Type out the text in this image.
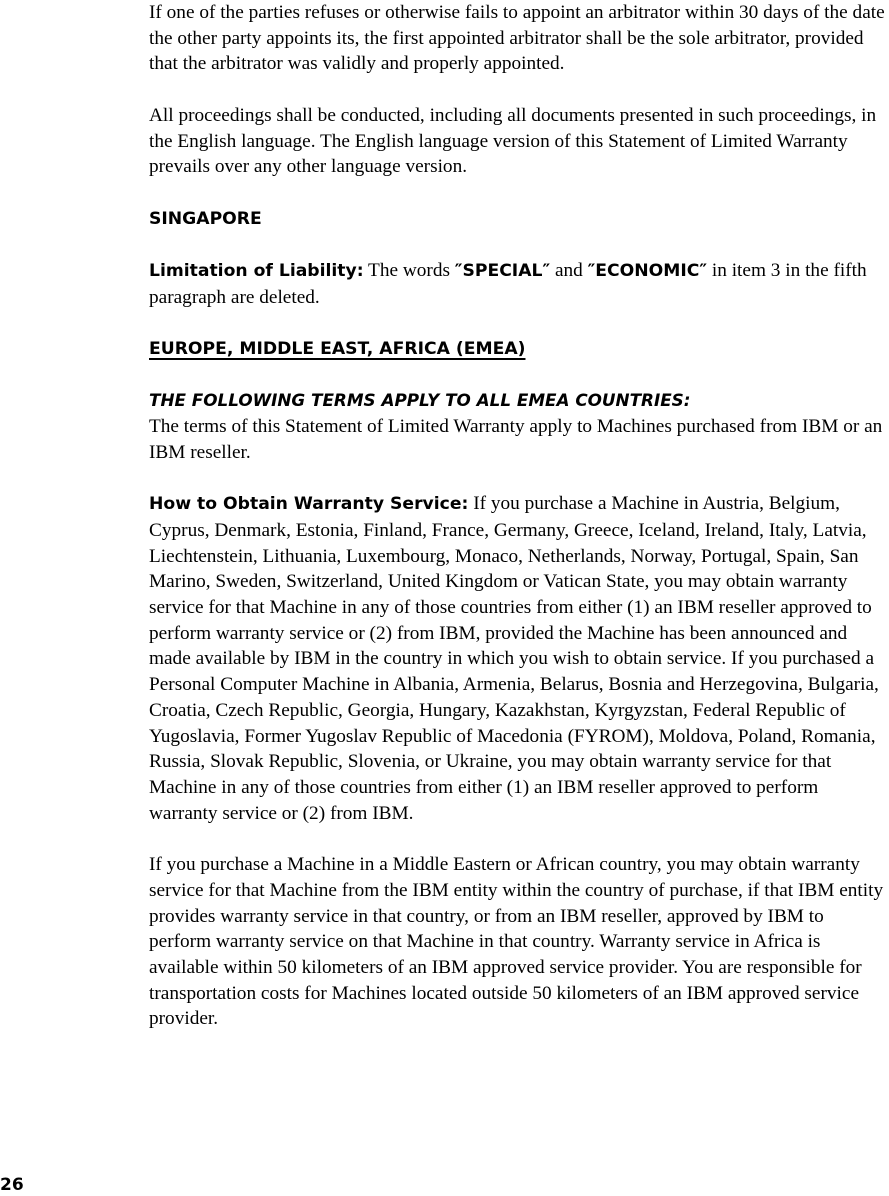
If one of the parties refuses or otherwise fails to appoint an arbitrator within 30 days of the date the other party appoints its, the first appointed arbitrator shall be the sole arbitrator, provided that the arbitrator was validly and properly appointed.

All proceedings shall be conducted, including all documents presented in such proceedings, in the English language. The English language version of this Statement of Limited Warranty prevails over any other language version.

SINGAPORE

Limitation of Liability: The words ″SPECIAL″ and ″ECONOMIC″ in item 3 in the fifth paragraph are deleted.

EUROPE, MIDDLE EAST, AFRICA (EMEA)

THE FOLLOWING TERMS APPLY TO ALL EMEA COUNTRIES:

The terms of this Statement of Limited Warranty apply to Machines purchased from IBM or an IBM reseller.

How to Obtain Warranty Service: If you purchase a Machine in Austria, Belgium, Cyprus, Denmark, Estonia, Finland, France, Germany, Greece, Iceland, Ireland, Italy, Latvia, Liechtenstein, Lithuania, Luxembourg, Monaco, Netherlands, Norway, Portugal, Spain, San Marino, Sweden, Switzerland, United Kingdom or Vatican State, you may obtain warranty service for that Machine in any of those countries from either (1) an IBM reseller approved to perform warranty service or (2) from IBM, provided the Machine has been announced and made available by IBM in the country in which you wish to obtain service. If you purchased a Personal Computer Machine in Albania, Armenia, Belarus, Bosnia and Herzegovina, Bulgaria, Croatia, Czech Republic, Georgia, Hungary, Kazakhstan, Kyrgyzstan, Federal Republic of Yugoslavia, Former Yugoslav Republic of Macedonia (FYROM), Moldova, Poland, Romania, Russia, Slovak Republic, Slovenia, or Ukraine, you may obtain warranty service for that Machine in any of those countries from either (1) an IBM reseller approved to perform warranty service or (2) from IBM.

If you purchase a Machine in a Middle Eastern or African country, you may obtain warranty service for that Machine from the IBM entity within the country of purchase, if that IBM entity provides warranty service in that country, or from an IBM reseller, approved by IBM to perform warranty service on that Machine in that country. Warranty service in Africa is available within 50 kilometers of an IBM approved service provider. You are responsible for transportation costs for Machines located outside 50 kilometers of an IBM approved service provider.

26
